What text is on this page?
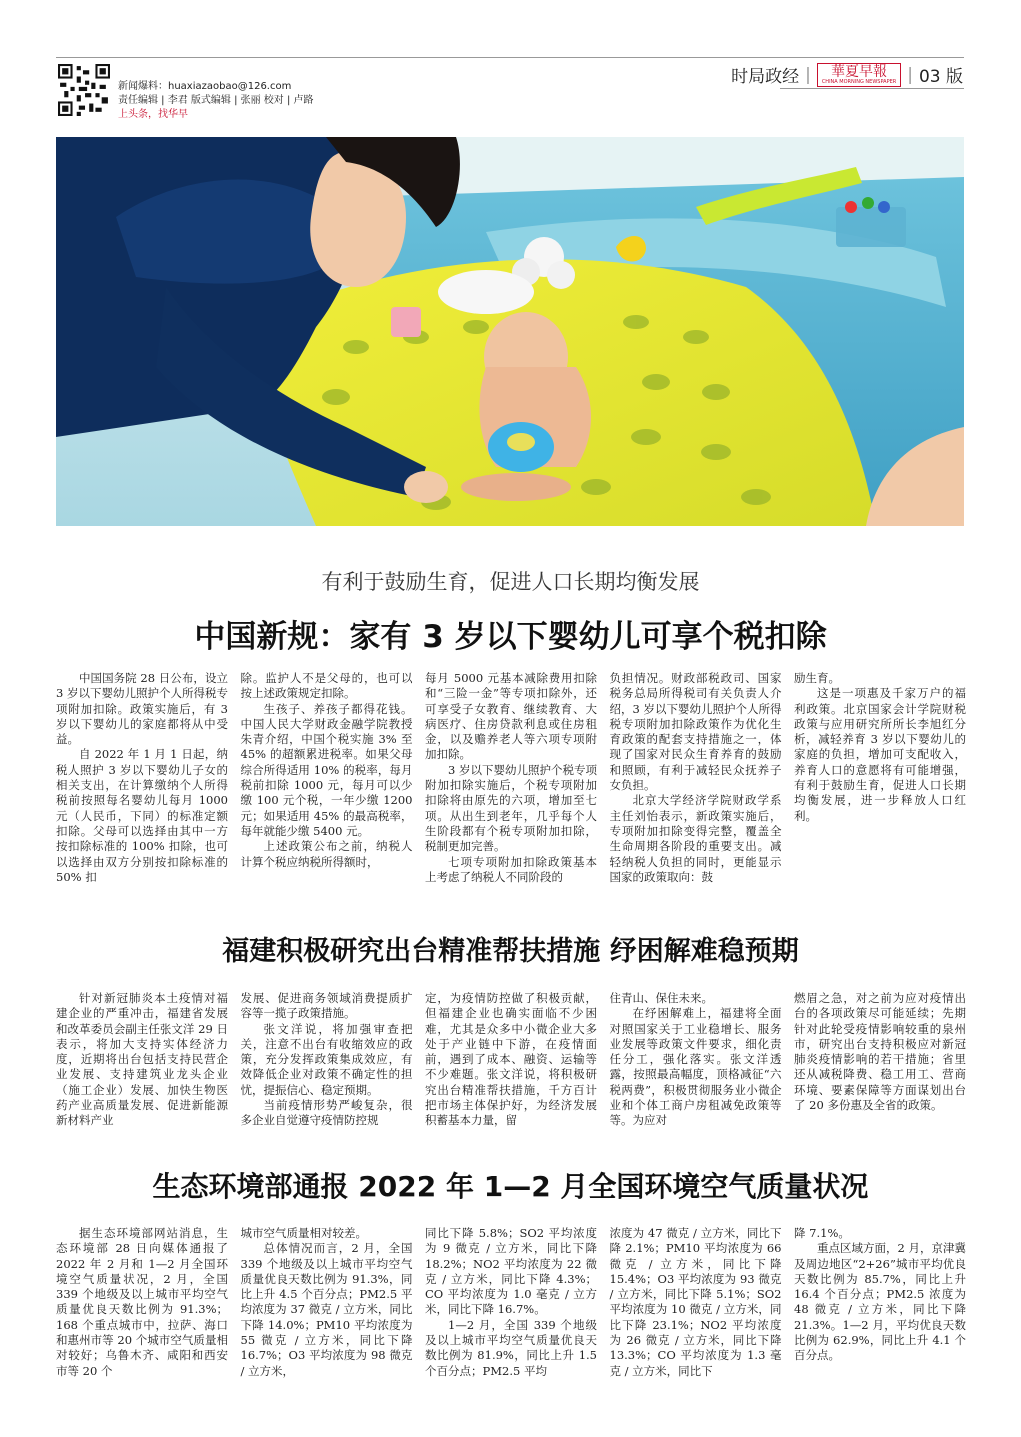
新闻爆料：huaxiazaobao@126.com
责任编辑 | 李君 版式编辑 | 张丽 校对 | 卢路
上头条，找华早
时局政经 |	華夏早報
CHINA MORNING NEWSPAPER | 03 版
有利于鼓励生育，促进人口长期均衡发展
中国新规：家有 3 岁以下婴幼儿可享个税扣除

中国国务院 28 日公布，设立 3 岁以下婴幼儿照护个人所得税专项附加扣除。政策实施后，有 3 岁以下婴幼儿的家庭都将从中受益。

自 2022 年 1 月 1 日起，纳税人照护 3 岁以下婴幼儿子女的相关支出，在计算缴纳个人所得税前按照每名婴幼儿每月 1000 元（人民币，下同）的标准定额扣除。父母可以选择由其中一方按扣除标准的 100% 扣除，也可以选择由双方分别按扣除标准的 50% 扣

除。监护人不是父母的，也可以按上述政策规定扣除。

生孩子、养孩子都得花钱。中国人民大学财政金融学院教授朱青介绍，中国个税实施 3% 至 45% 的超额累进税率。如果父母综合所得适用 10% 的税率，每月税前扣除 1000 元，每月可以少缴 100 元个税，一年少缴 1200 元；如果适用 45% 的最高税率，每年就能少缴 5400 元。

上述政策公布之前，纳税人计算个税应纳税所得额时，

每月 5000 元基本减除费用扣除和“三险一金”等专项扣除外，还可享受子女教育、继续教育、大病医疗、住房贷款利息或住房租金，以及赡养老人等六项专项附加扣除。

3 岁以下婴幼儿照护个税专项附加扣除实施后，个税专项附加扣除将由原先的六项，增加至七项。从出生到老年，几乎每个人生阶段都有个税专项附加扣除，税制更加完善。

七项专项附加扣除政策基本上考虑了纳税人不同阶段的

负担情况。财政部税政司、国家税务总局所得税司有关负责人介绍，3 岁以下婴幼儿照护个人所得税专项附加扣除政策作为优化生育政策的配套支持措施之一，体现了国家对民众生育养育的鼓励和照顾，有利于减轻民众抚养子女负担。

北京大学经济学院财政学系主任刘怡表示，新政策实施后，专项附加扣除变得完整，覆盖全生命周期各阶段的重要支出。减轻纳税人负担的同时，更能显示国家的政策取向：鼓

励生育。

这是一项惠及千家万户的福利政策。北京国家会计学院财税政策与应用研究所所长李旭红分析，减轻养育 3 岁以下婴幼儿的家庭的负担，增加可支配收入，养育人口的意愿将有可能增强，有利于鼓励生育，促进人口长期均衡发展，进一步释放人口红利。

福建积极研究出台精准帮扶措施 纾困解难稳预期

针对新冠肺炎本土疫情对福建企业的严重冲击，福建省发展和改革委员会副主任张文洋 29 日表示，将加大支持实体经济力度，近期将出台包括支持民营企业发展、支持建筑业龙头企业（施工企业）发展、加快生物医药产业高质量发展、促进新能源新材料产业

发展、促进商务领域消费提质扩容等一揽子政策措施。

张文洋说，将加强审查把关，注意不出台有收缩效应的政策，充分发挥政策集成效应，有效降低企业对政策不确定性的担忧，提振信心、稳定预期。

当前疫情形势严峻复杂，很多企业自觉遵守疫情防控规

定，为疫情防控做了积极贡献，但福建企业也确实面临不少困难，尤其是众多中小微企业大多处于产业链中下游，在疫情面前，遇到了成本、融资、运输等不少难题。张文洋说，将积极研究出台精准帮扶措施，千方百计把市场主体保护好，为经济发展积蓄基本力量，留

住青山、保住未来。

在纾困解难上，福建将全面对照国家关于工业稳增长、服务业发展等政策文件要求，细化责任分工，强化落实。张文洋透露，按照最高幅度，顶格减征“六税两费”，积极贯彻服务业小微企业和个体工商户房租减免政策等等。为应对

燃眉之急，对之前为应对疫情出台的各项政策尽可能延续；先期针对此轮受疫情影响较重的泉州市，研究出台支持积极应对新冠肺炎疫情影响的若干措施；省里还从减税降费、稳工用工、营商环境、要素保障等方面谋划出台了 20 多份惠及全省的政策。

生态环境部通报 2022 年 1—2 月全国环境空气质量状况

据生态环境部网站消息，生态环境部 28 日向媒体通报了 2022 年 2 月和 1—2 月全国环境空气质量状况，2 月，全国 339 个地级及以上城市平均空气质量优良天数比例为 91.3%；168 个重点城市中，拉萨、海口和惠州市等 20 个城市空气质量相对较好；乌鲁木齐、咸阳和西安市等 20 个

城市空气质量相对较差。

总体情况而言，2 月，全国 339 个地级及以上城市平均空气质量优良天数比例为 91.3%，同比上升 4.5 个百分点；PM2.5 平均浓度为 37 微克 / 立方米，同比下降 14.0%；PM10 平均浓度为 55 微克 / 立方米，同比下降 16.7%；O3 平均浓度为 98 微克 / 立方米，

同比下降 5.8%；SO2 平均浓度为 9 微克 / 立方米，同比下降 18.2%；NO2 平均浓度为 22 微克 / 立方米，同比下降 4.3%；CO 平均浓度为 1.0 毫克 / 立方米，同比下降 16.7%。

1—2 月，全国 339 个地级及以上城市平均空气质量优良天数比例为 81.9%，同比上升 1.5 个百分点；PM2.5 平均

浓度为 47 微克 / 立方米，同比下降 2.1%；PM10 平均浓度为 66 微克 / 立方米，同比下降 15.4%；O3 平均浓度为 93 微克 / 立方米，同比下降 5.1%；SO2 平均浓度为 10 微克 / 立方米，同比下降 23.1%；NO2 平均浓度为 26 微克 / 立方米，同比下降 13.3%；CO 平均浓度为 1.3 毫克 / 立方米，同比下

降 7.1%。

重点区域方面，2 月，京津冀及周边地区“2+26”城市平均优良天数比例为 85.7%，同比上升 16.4 个百分点；PM2.5 浓度为 48 微克 / 立方米，同比下降 21.3%。1—2 月，平均优良天数比例为 62.9%，同比上升 4.1 个百分点。
